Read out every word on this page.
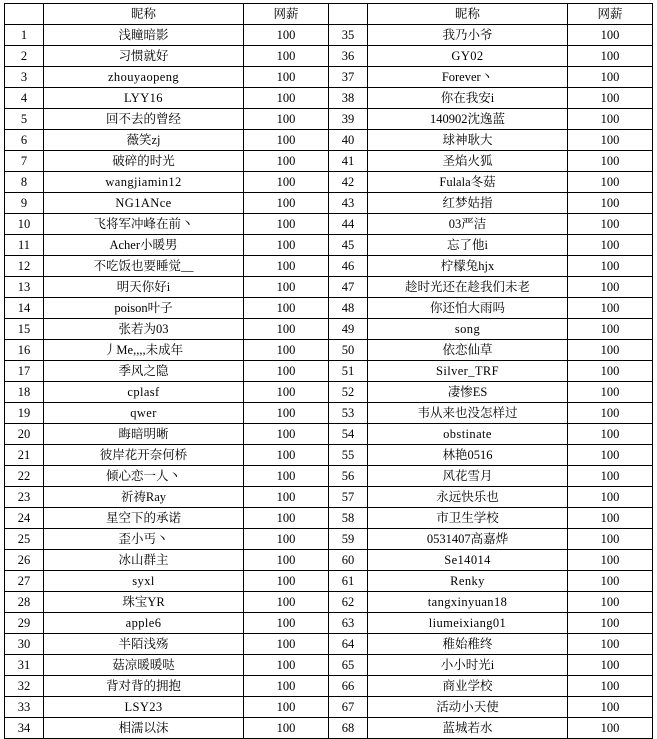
	昵称	网薪		昵称	网薪
1	浅瞳暗影	100	35	我乃小爷	100
2	习惯就好	100	36	GY02	100
3	zhouyaopeng	100	37	Forever丶	100
4	LYY16	100	38	你在我安i	100
5	回不去的曾经	100	39	140902沈逸蓝	100
6	薇笑zj	100	40	球神耿大	100
7	破碎的时光	100	41	圣焰火狐	100
8	wangjiamin12	100	42	Fulala冬菇	100
9	NG1ANce	100	43	红梦姑指	100
10	飞将军冲峰在前丶	100	44	03严洁	100
11	Acher小暖男	100	45	忘了他i	100
12	不吃饭也要睡觉__	100	46	柠檬兔hjx	100
13	明天你好i	100	47	趁时光还在趁我们未老	100
14	poison叶子	100	48	你还怕大雨吗	100
15	张若为03	100	49	song	100
16	丿Me,,,,未成年	100	50	依恋仙草	100
17	季风之隐	100	51	Silver_TRF	100
18	cplasf	100	52	凄惨ES	100
19	qwer	100	53	韦从来也没怎样过	100
20	晦暗明晰	100	54	obstinate	100
21	彼岸花开奈何桥	100	55	林艳0516	100
22	倾心恋一人丶	100	56	风花雪月	100
23	祈祷Ray	100	57	永远快乐也	100
24	星空下的承诺	100	58	市卫生学校	100
25	歪小丐丶	100	59	0531407高嘉烨	100
26	冰山群主	100	60	Se14014	100
27	syxl	100	61	Renky	100
28	珠宝YR	100	62	tangxinyuan18	100
29	apple6	100	63	liumeixiang01	100
30	半陌浅殇	100	64	稚始稚终	100
31	菇凉暖暖哒	100	65	小小时光i	100
32	背对背的拥抱	100	66	商业学校	100
33	LSY23	100	67	活动小天使	100
34	相濡以沫	100	68	蓝城若水	100
